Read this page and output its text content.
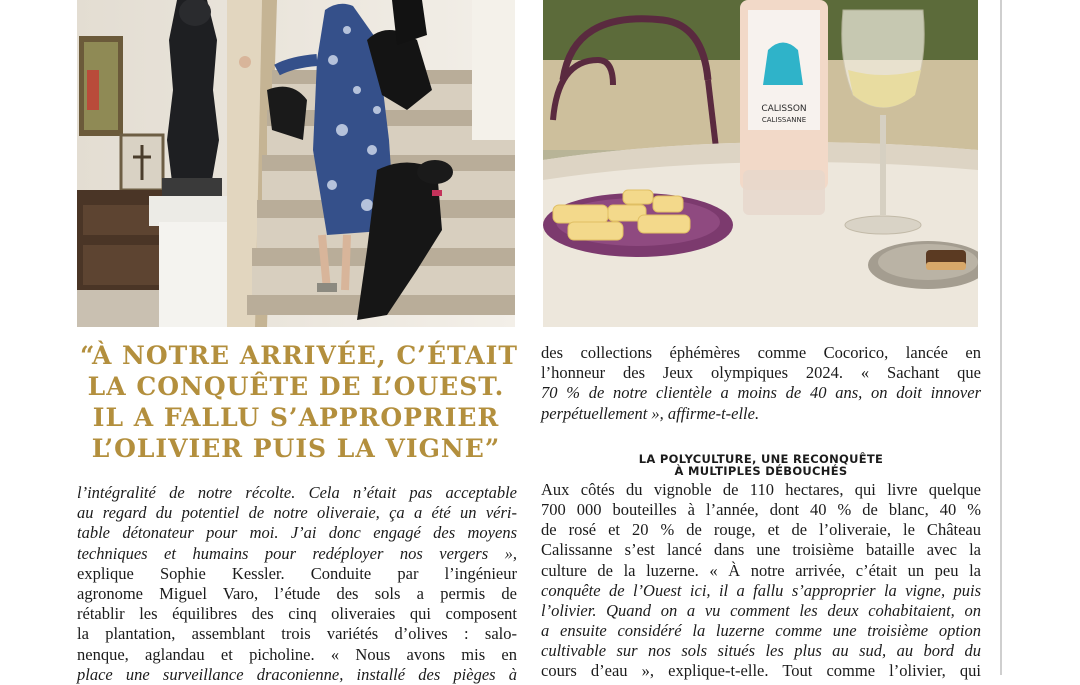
CALISSON
CALISSANNE
“À NOTRE ARRIVÉE, C’ÉTAIT
LA CONQUÊTE DE L’OUEST.
IL A FALLU S’APPROPRIER
L’OLIVIER PUIS LA VIGNE”
l’intégralité de notre récolte. Cela n’était pas acceptable
au regard du potentiel de notre oliveraie, ça a été un véri-
table détonateur pour moi. J’ai donc engagé des moyens
techniques et humains pour redéployer nos vergers »,
explique Sophie Kessler. Conduite par l’ingénieur
agronome Miguel Varo, l’étude des sols a permis de
rétablir les équilibres des cinq oliveraies qui composent
la plantation, assemblant trois variétés d’olives : salo-
nenque, aglandau et picholine. « Nous avons mis en
place une surveillance draconienne, installé des pièges à
des collections éphémères comme Cocorico, lancée en
l’honneur des Jeux olympiques 2024. « Sachant que
70 % de notre clientèle a moins de 40 ans, on doit innover
perpétuellement », affirme-t-elle.
LA POLYCULTURE, UNE RECONQUÊTE
À MULTIPLES DÉBOUCHÉS
Aux côtés du vignoble de 110 hectares, qui livre quelque
700 000 bouteilles à l’année, dont 40 % de blanc, 40 %
de rosé et 20 % de rouge, et de l’oliveraie, le Château
Calissanne s’est lancé dans une troisième bataille avec la
culture de la luzerne. « À notre arrivée, c’était un peu la
conquête de l’Ouest ici, il a fallu s’approprier la vigne, puis
l’olivier. Quand on a vu comment les deux cohabitaient, on
a ensuite considéré la luzerne comme une troisième option
cultivable sur nos sols situés les plus au sud, au bord du
cours d’eau », explique-t-elle. Tout comme l’olivier, qui
